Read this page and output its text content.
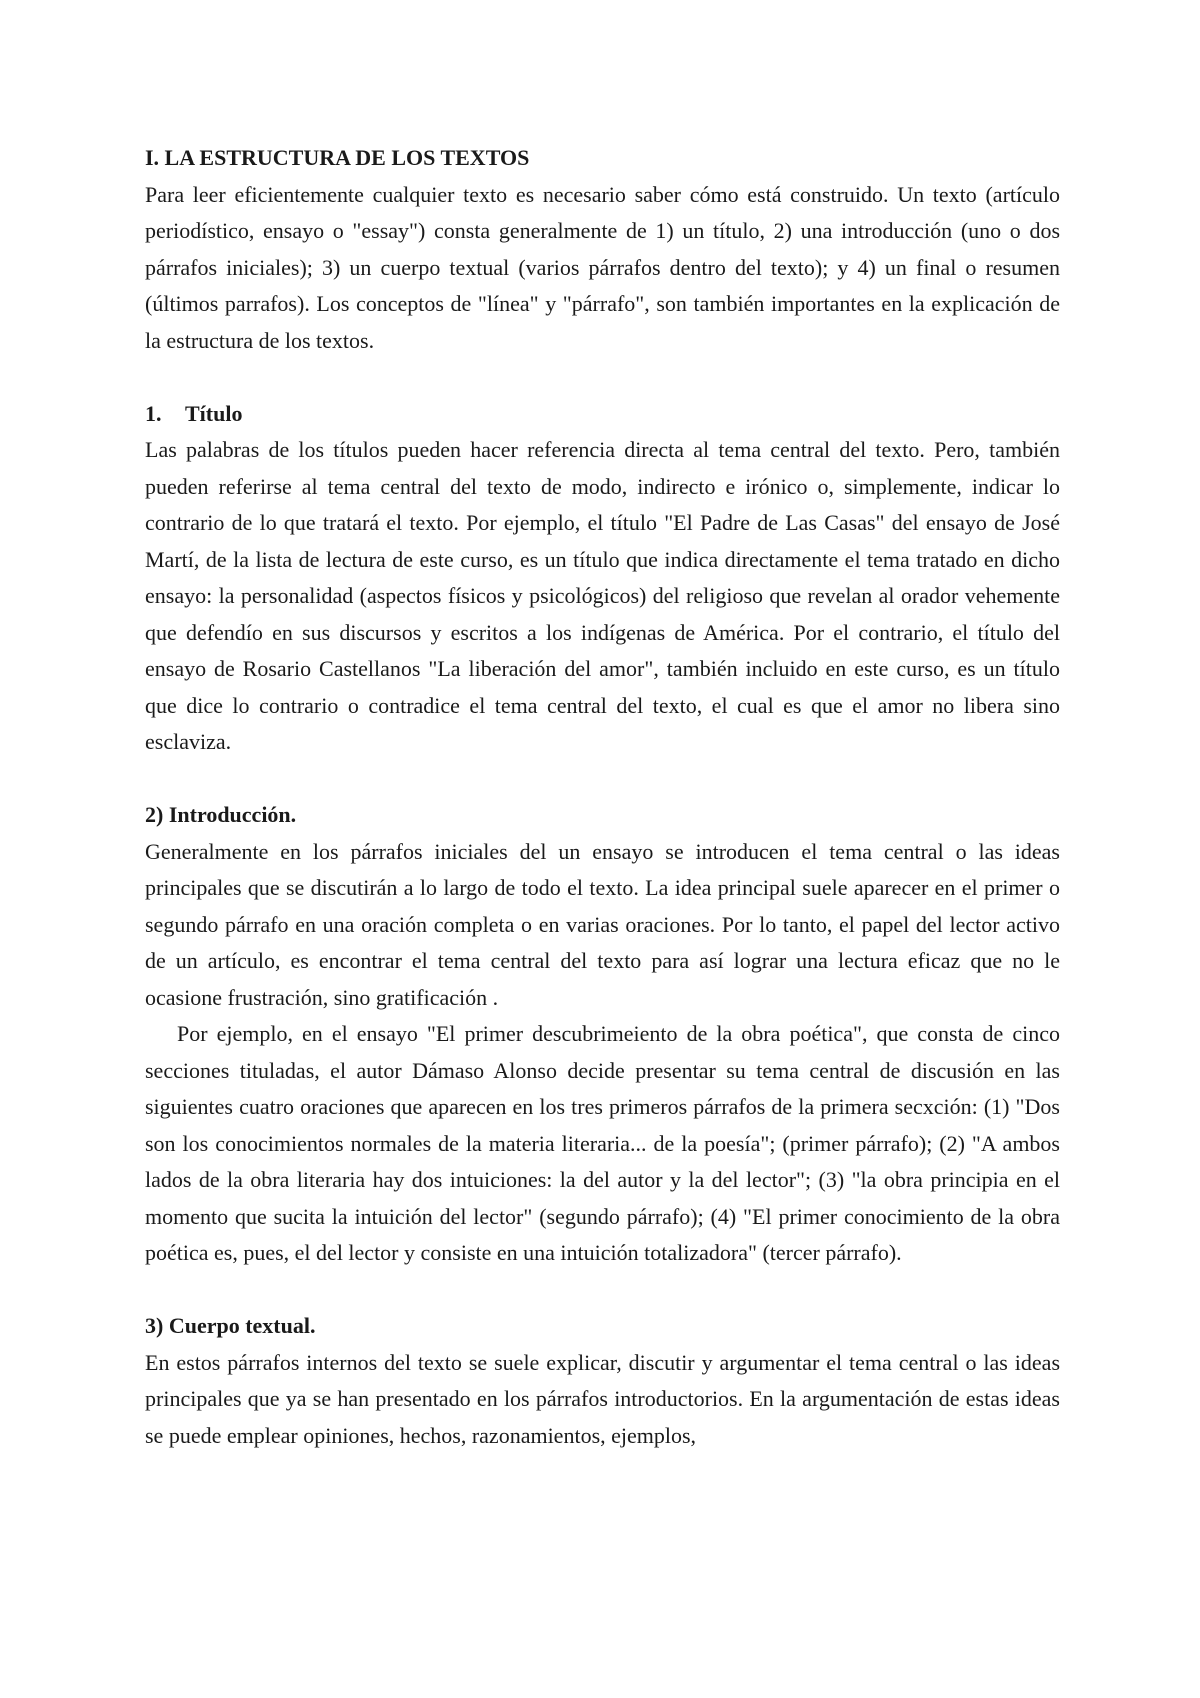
I. LA ESTRUCTURA DE LOS TEXTOS

Para leer eficientemente cualquier texto es necesario saber cómo está construido. Un texto (artículo periodístico, ensayo o "essay") consta generalmente de 1) un título, 2) una introducción (uno o dos párrafos iniciales); 3) un cuerpo textual (varios párrafos dentro del texto); y 4) un final o resumen (últimos parrafos). Los conceptos de "línea" y "párrafo", son también importantes en la explicación de la estructura de los textos.

1. Título

Las palabras de los títulos pueden hacer referencia directa al tema central del texto. Pero, también pueden referirse al tema central del texto de modo, indirecto e irónico o, simplemente, indicar lo contrario de lo que tratará el texto. Por ejemplo, el título "El Padre de Las Casas" del ensayo de José Martí, de la lista de lectura de este curso, es un título que indica directamente el tema tratado en dicho ensayo: la personalidad (aspectos físicos y psicológicos) del religioso que revelan al orador vehemente que defendío en sus discursos y escritos a los indígenas de América. Por el contrario, el título del ensayo de Rosario Castellanos "La liberación del amor", también incluido en este curso, es un título que dice lo contrario o contradice el tema central del texto, el cual es que el amor no libera sino esclaviza.

2) Introducción.

Generalmente en los párrafos iniciales del un ensayo se introducen el tema central o las ideas principales que se discutirán a lo largo de todo el texto. La idea principal suele aparecer en el primer o segundo párrafo en una oración completa o en varias oraciones. Por lo tanto, el papel del lector activo de un artículo, es encontrar el tema central del texto para así lograr una lectura eficaz que no le ocasione frustración, sino gratificación .

Por ejemplo, en el ensayo "El primer descubrimeiento de la obra poética", que consta de cinco secciones tituladas, el autor Dámaso Alonso decide presentar su tema central de discusión en las siguientes cuatro oraciones que aparecen en los tres primeros párrafos de la primera secxción: (1) "Dos son los conocimientos normales de la materia literaria... de la poesía"; (primer párrafo); (2) "A ambos lados de la obra literaria hay dos intuiciones: la del autor y la del lector"; (3) "la obra principia en el momento que sucita la intuición del lector" (segundo párrafo); (4) "El primer conocimiento de la obra poética es, pues, el del lector y consiste en una intuición totalizadora" (tercer párrafo).

3) Cuerpo textual.

En estos párrafos internos del texto se suele explicar, discutir y argumentar el tema central o las ideas principales que ya se han presentado en los párrafos introductorios. En la argumentación de estas ideas se puede emplear opiniones, hechos, razonamientos, ejemplos,
